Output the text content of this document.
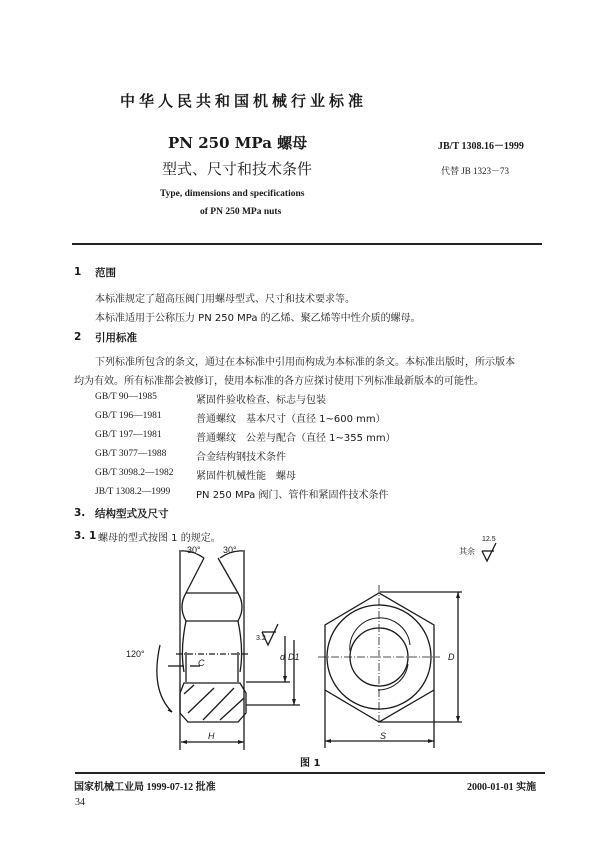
中华人民共和国机械行业标准
PN 250 MPa 螺母
型式、尺寸和技术条件
Type, dimensions and specifications
of PN 250 MPa nuts
JB/T 1308.16－1999
代替 JB 1323－73
1 范围
本标准规定了超高压阀门用螺母型式、尺寸和技术要求等。
本标准适用于公称压力 PN 250 MPa 的乙烯、聚乙烯等中性介质的螺母。
2 引用标准
下列标准所包含的条文，通过在本标准中引用而构成为本标准的条文。本标准出版时，所示版本
均为有效。所有标准都会被修订，使用本标准的各方应探讨使用下列标准最新版本的可能性。
GB/T 90—1985	紧固件验收检查、标志与包装
GB/T 196—1981	普通螺纹　基本尺寸（直径 1~600 mm）
GB/T 197—1981	普通螺纹　公差与配合（直径 1~355 mm）
GB/T 3077—1988	合金结构钢技术条件
GB/T 3098.2—1982 紧固件机械性能　螺母
JB/T 1308.2—1999	PN 250 MPa 阀门、管件和紧固件技术条件
3. 结构型式及尺寸
3. 1 螺母的型式按图 1 的规定。
30° 30°
120°
C
d D1
H
D
S
3.2
12.5
其余
图 1
国家机械工业局 1999-07-12 批准	2000-01-01 实施
34
